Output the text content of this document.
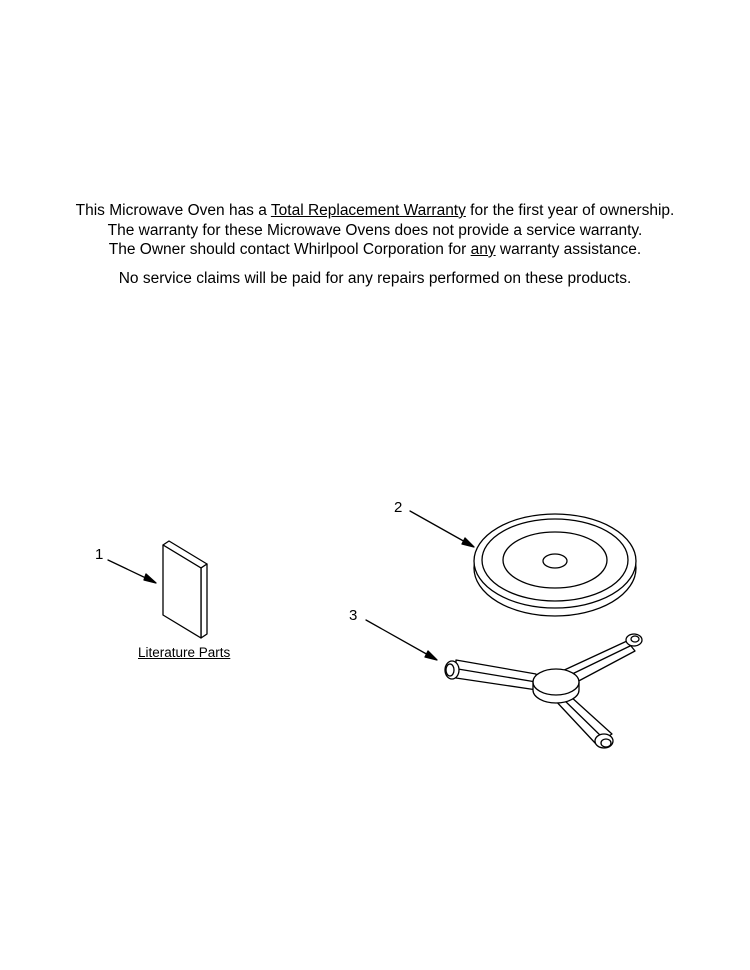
This Microwave Oven has a Total Replacement Warranty for the first year of ownership.
The warranty for these Microwave Ovens does not provide a service warranty.
The Owner should contact Whirlpool Corporation for any warranty assistance.
No service claims will be paid for any repairs performed on these products.
1
2
3
Literature Parts
